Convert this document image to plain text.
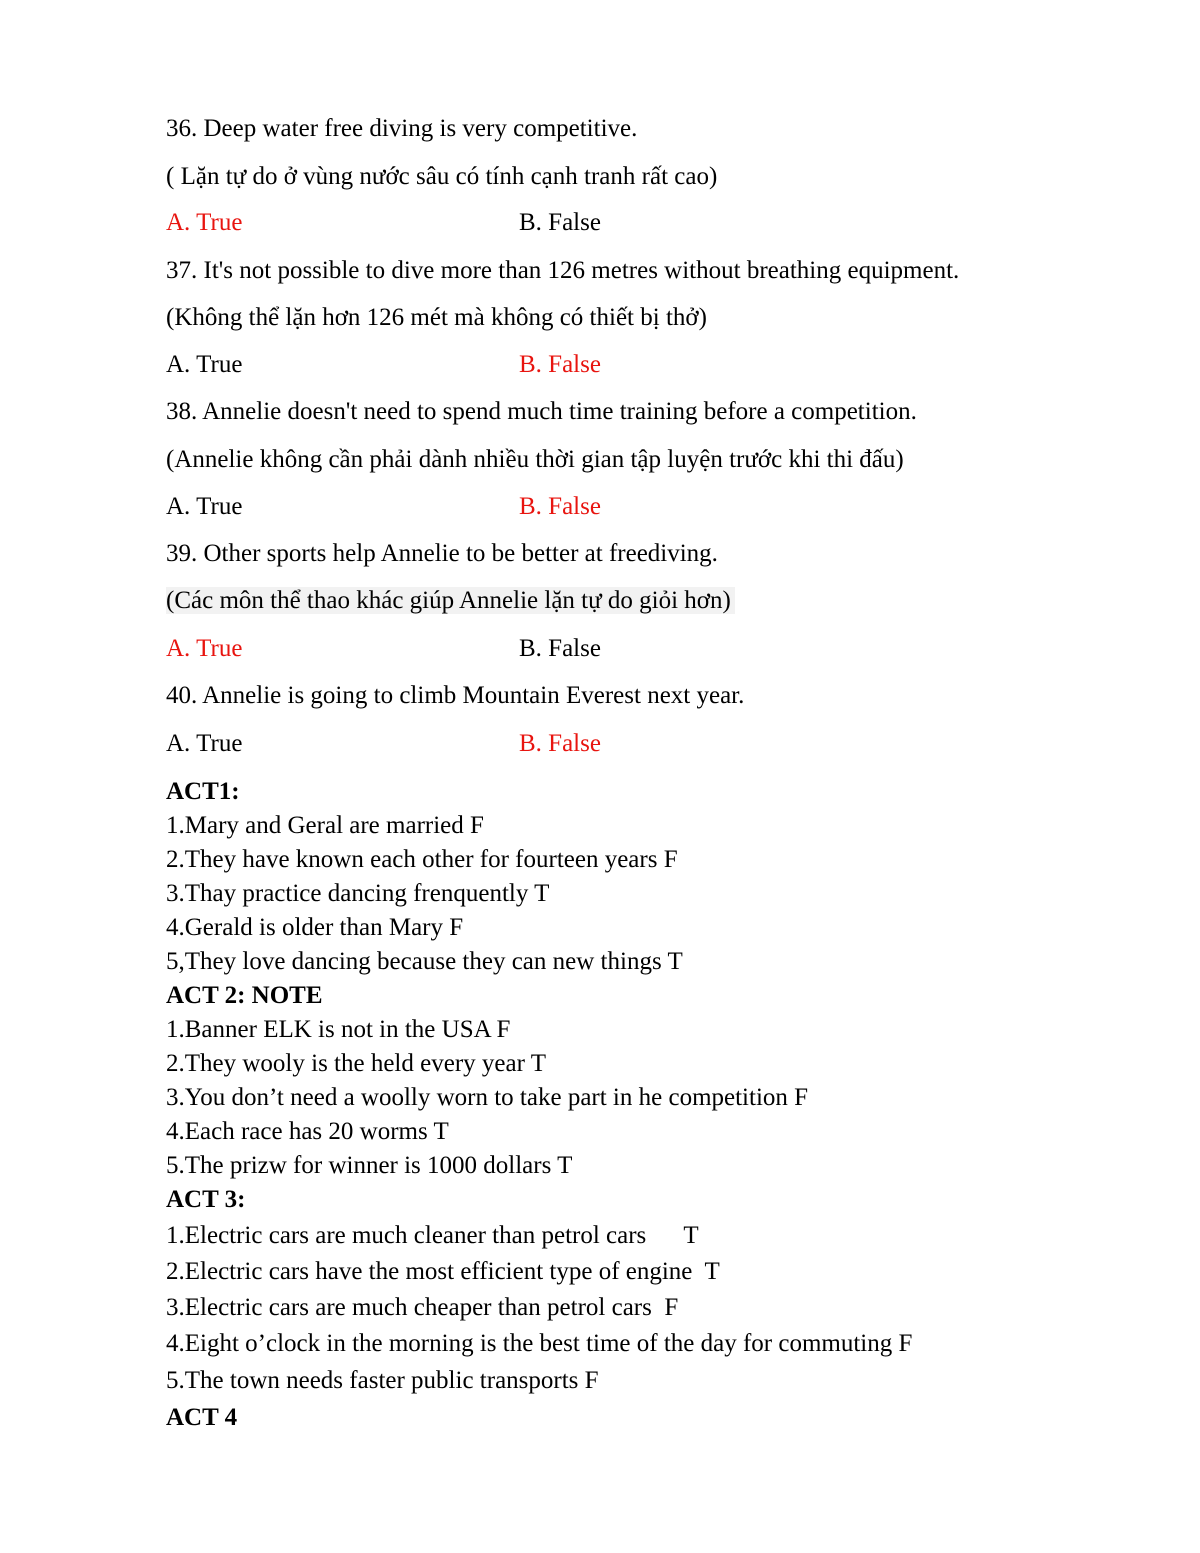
36. Deep water free diving is very competitive.
( Lặn tự do ở vùng nước sâu có tính cạnh tranh rất cao)
A. True	B. False
37. It's not possible to dive more than 126 metres without breathing equipment.
(Không thể lặn hơn 126 mét mà không có thiết bị thở)
A. True	B. False
38. Annelie doesn't need to spend much time training before a competition.
(Annelie không cần phải dành nhiều thời gian tập luyện trước khi thi đấu)
A. True	B. False
39. Other sports help Annelie to be better at freediving.
(Các môn thể thao khác giúp Annelie lặn tự do giỏi hơn)
A. True	B. False
40. Annelie is going to climb Mountain Everest next year.
A. True	B. False
ACT1:
1.Mary and Geral are married F
2.They have known each other for fourteen years F
3.Thay practice dancing frenquently T
4.Gerald is older than Mary F
5,They love dancing because they can new things T
ACT 2: NOTE
1.Banner ELK is not in the USA F
2.They wooly is the held every year T
3.You don’t need a woolly worn to take part in he competition F
4.Each race has 20 worms T
5.The prizw for winner is 1000 dollars T
ACT 3:
1.Electric cars are much cleaner than petrol cars      T
2.Electric cars have the most efficient type of engine  T
3.Electric cars are much cheaper than petrol cars  F
4.Eight o’clock in the morning is the best time of the day for commuting F
5.The town needs faster public transports F
ACT 4
